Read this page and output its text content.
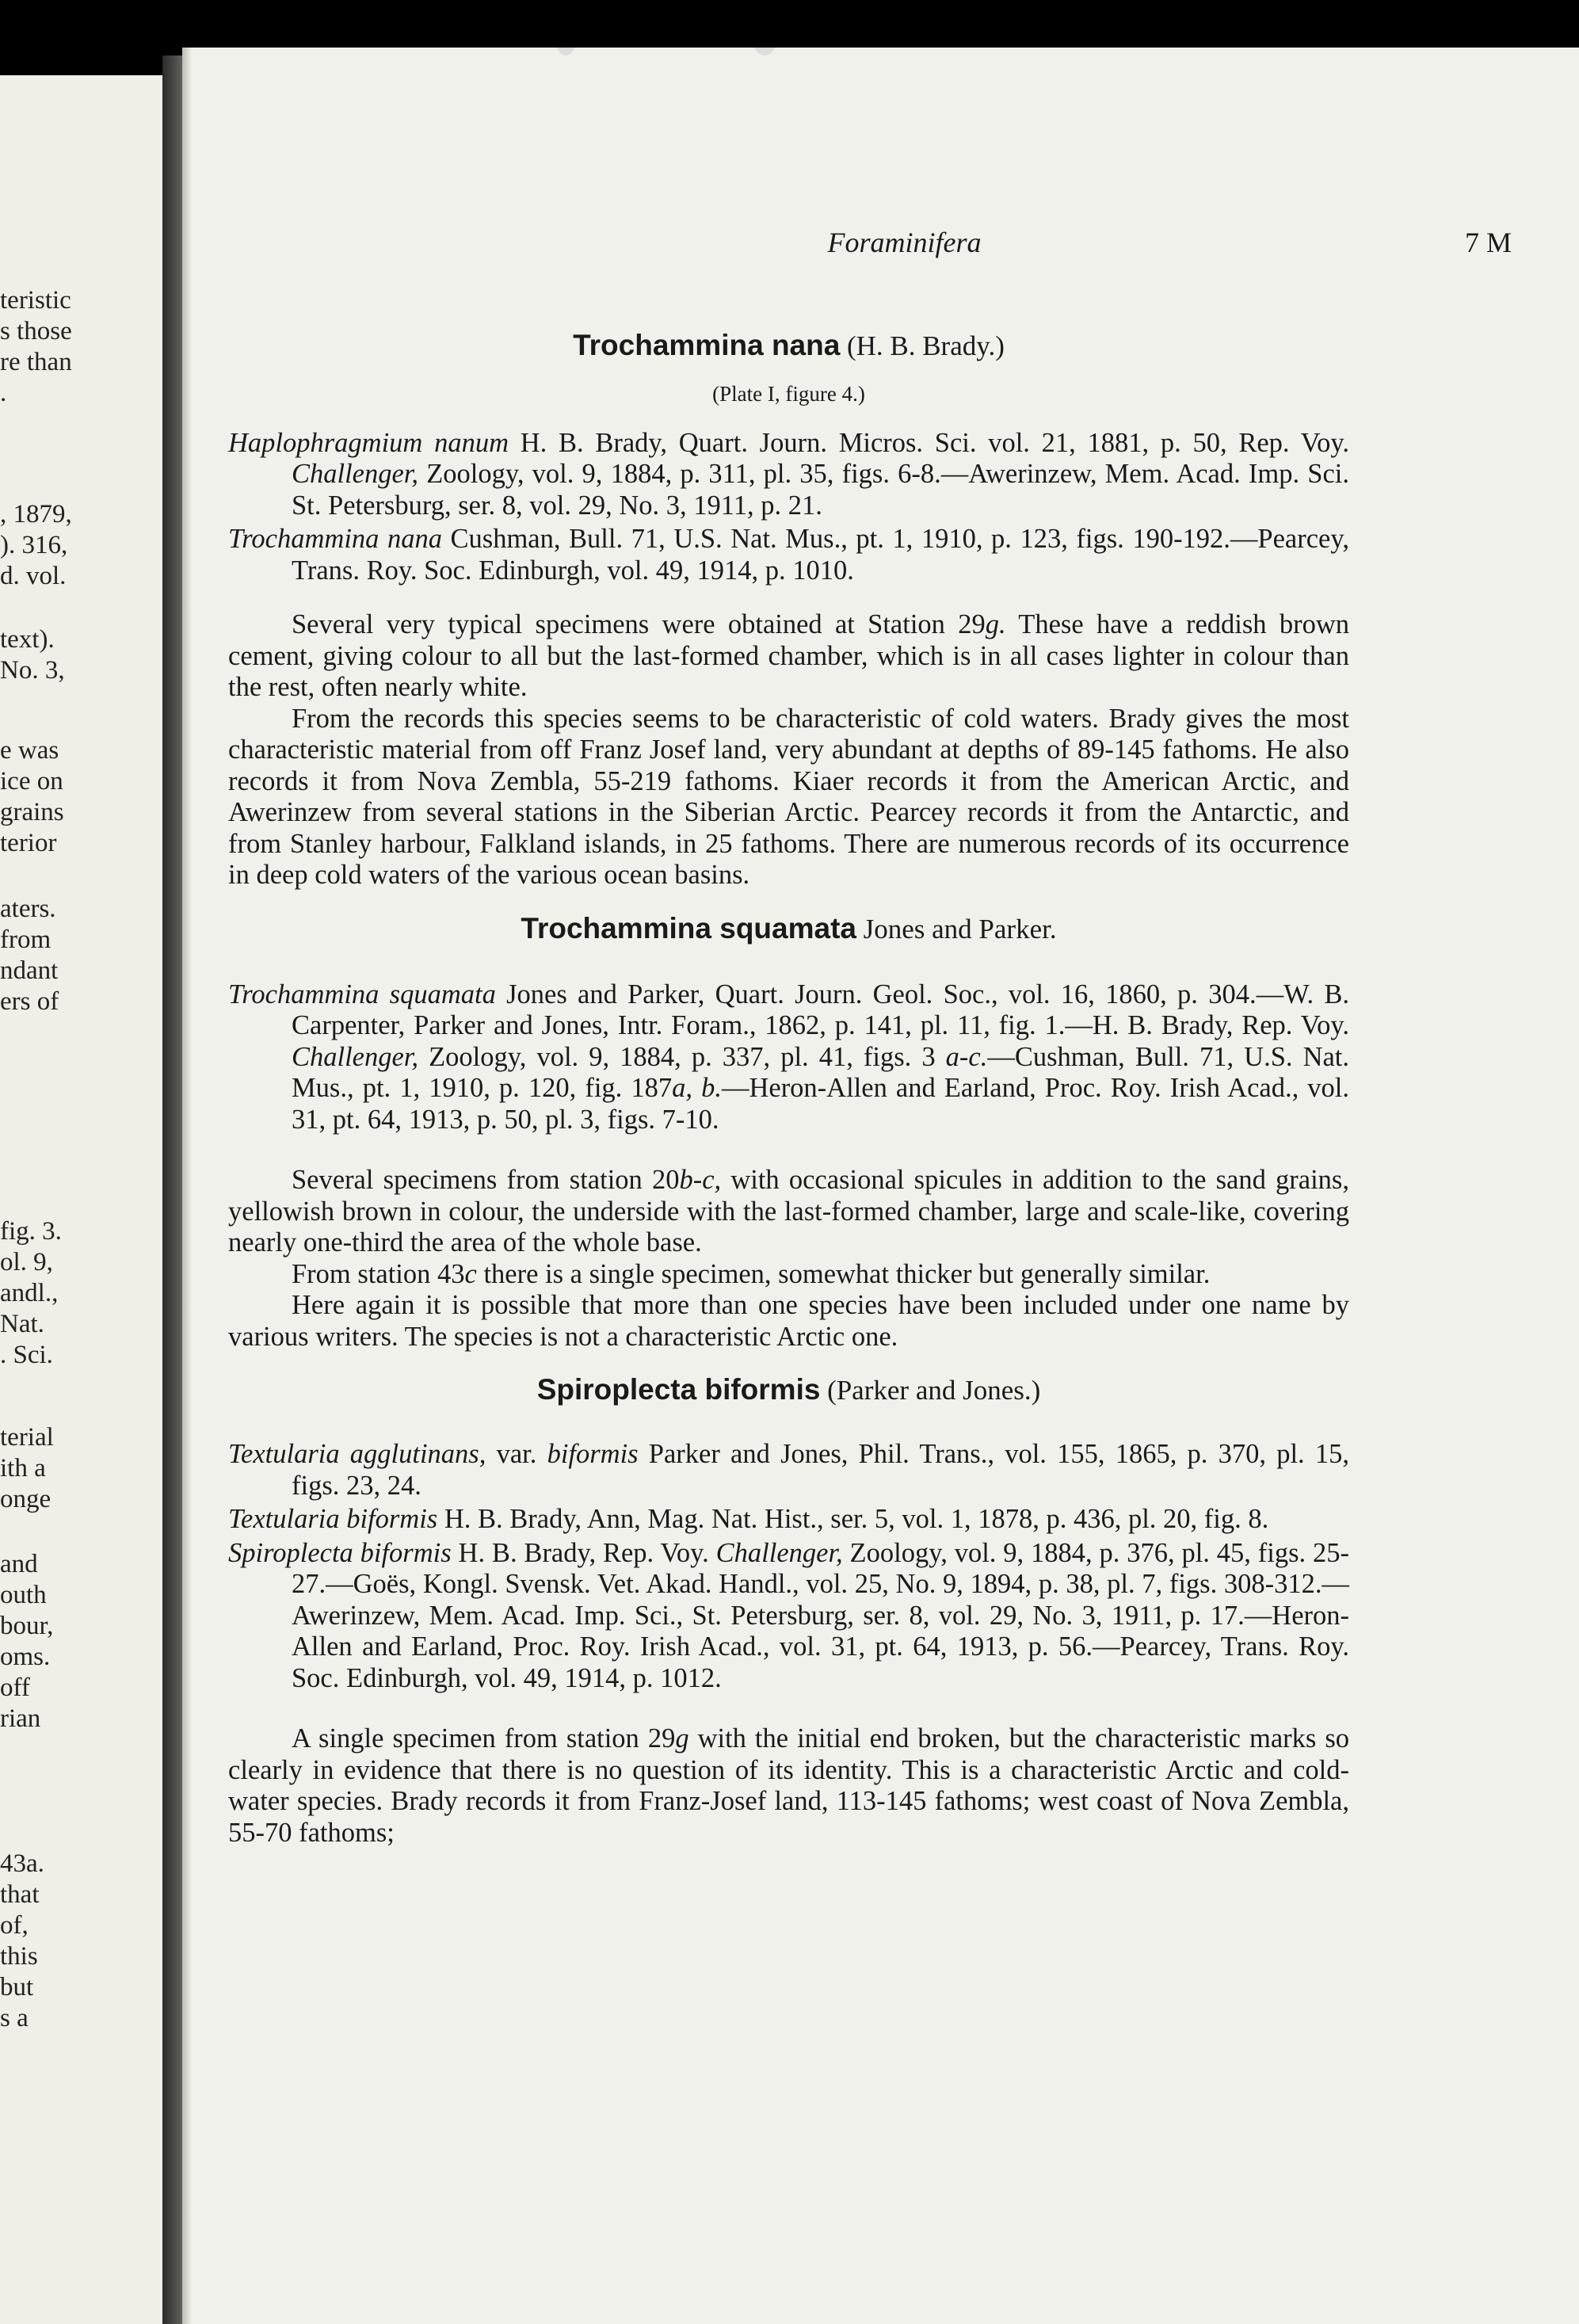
teristic
s those
re than
.
, 1879,
). 316,
d. vol.
text).
No. 3,
e was
ice on
grains
terior
aters.
from
ndant
ers of
fig. 3.
ol. 9,
andl.,
Nat.
. Sci.
terial
ith a
onge
and
outh
bour,
oms.
off
rian
43a.
that
of,
this
but
s a
Foraminifera	7 M
Trochammina nana (H. B. Brady.)
(Plate I, figure 4.)

Haplophragmium nanum H. B. Brady, Quart. Journ. Micros. Sci. vol. 21, 1881, p. 50, Rep. Voy. Challenger, Zoology, vol. 9, 1884, p. 311, pl. 35, figs. 6-8.—Awerinzew, Mem. Acad. Imp. Sci. St. Petersburg, ser. 8, vol. 29, No. 3, 1911, p. 21.

Trochammina nana Cushman, Bull. 71, U.S. Nat. Mus., pt. 1, 1910, p. 123, figs. 190-192.—Pearcey, Trans. Roy. Soc. Edinburgh, vol. 49, 1914, p. 1010.

Several very typical specimens were obtained at Station 29g. These have a reddish brown cement, giving colour to all but the last-formed chamber, which is in all cases lighter in colour than the rest, often nearly white.

From the records this species seems to be characteristic of cold waters. Brady gives the most characteristic material from off Franz Josef land, very abundant at depths of 89-145 fathoms. He also records it from Nova Zembla, 55-219 fathoms. Kiaer records it from the American Arctic, and Awerinzew from several stations in the Siberian Arctic. Pearcey records it from the Antarctic, and from Stanley harbour, Falkland islands, in 25 fathoms. There are numerous records of its occurrence in deep cold waters of the various ocean basins.

Trochammina squamata Jones and Parker.

Trochammina squamata Jones and Parker, Quart. Journ. Geol. Soc., vol. 16, 1860, p. 304.—W. B. Carpenter, Parker and Jones, Intr. Foram., 1862, p. 141, pl. 11, fig. 1.—H. B. Brady, Rep. Voy. Challenger, Zoology, vol. 9, 1884, p. 337, pl. 41, figs. 3 a-c.—Cushman, Bull. 71, U.S. Nat. Mus., pt. 1, 1910, p. 120, fig. 187a, b.—Heron-Allen and Earland, Proc. Roy. Irish Acad., vol. 31, pt. 64, 1913, p. 50, pl. 3, figs. 7-10.

Several specimens from station 20b-c, with occasional spicules in addition to the sand grains, yellowish brown in colour, the underside with the last-formed chamber, large and scale-like, covering nearly one-third the area of the whole base.

From station 43c there is a single specimen, somewhat thicker but generally similar.

Here again it is possible that more than one species have been included under one name by various writers. The species is not a characteristic Arctic one.

Spiroplecta biformis (Parker and Jones.)

Textularia agglutinans, var. biformis Parker and Jones, Phil. Trans., vol. 155, 1865, p. 370, pl. 15, figs. 23, 24.

Textularia biformis H. B. Brady, Ann, Mag. Nat. Hist., ser. 5, vol. 1, 1878, p. 436, pl. 20, fig. 8.

Spiroplecta biformis H. B. Brady, Rep. Voy. Challenger, Zoology, vol. 9, 1884, p. 376, pl. 45, figs. 25-27.—Goës, Kongl. Svensk. Vet. Akad. Handl., vol. 25, No. 9, 1894, p. 38, pl. 7, figs. 308-312.—Awerinzew, Mem. Acad. Imp. Sci., St. Petersburg, ser. 8, vol. 29, No. 3, 1911, p. 17.—Heron-Allen and Earland, Proc. Roy. Irish Acad., vol. 31, pt. 64, 1913, p. 56.—Pearcey, Trans. Roy. Soc. Edinburgh, vol. 49, 1914, p. 1012.

A single specimen from station 29g with the initial end broken, but the characteristic marks so clearly in evidence that there is no question of its identity. This is a characteristic Arctic and cold-water species. Brady records it from Franz-Josef land, 113-145 fathoms; west coast of Nova Zembla, 55-70 fathoms;
